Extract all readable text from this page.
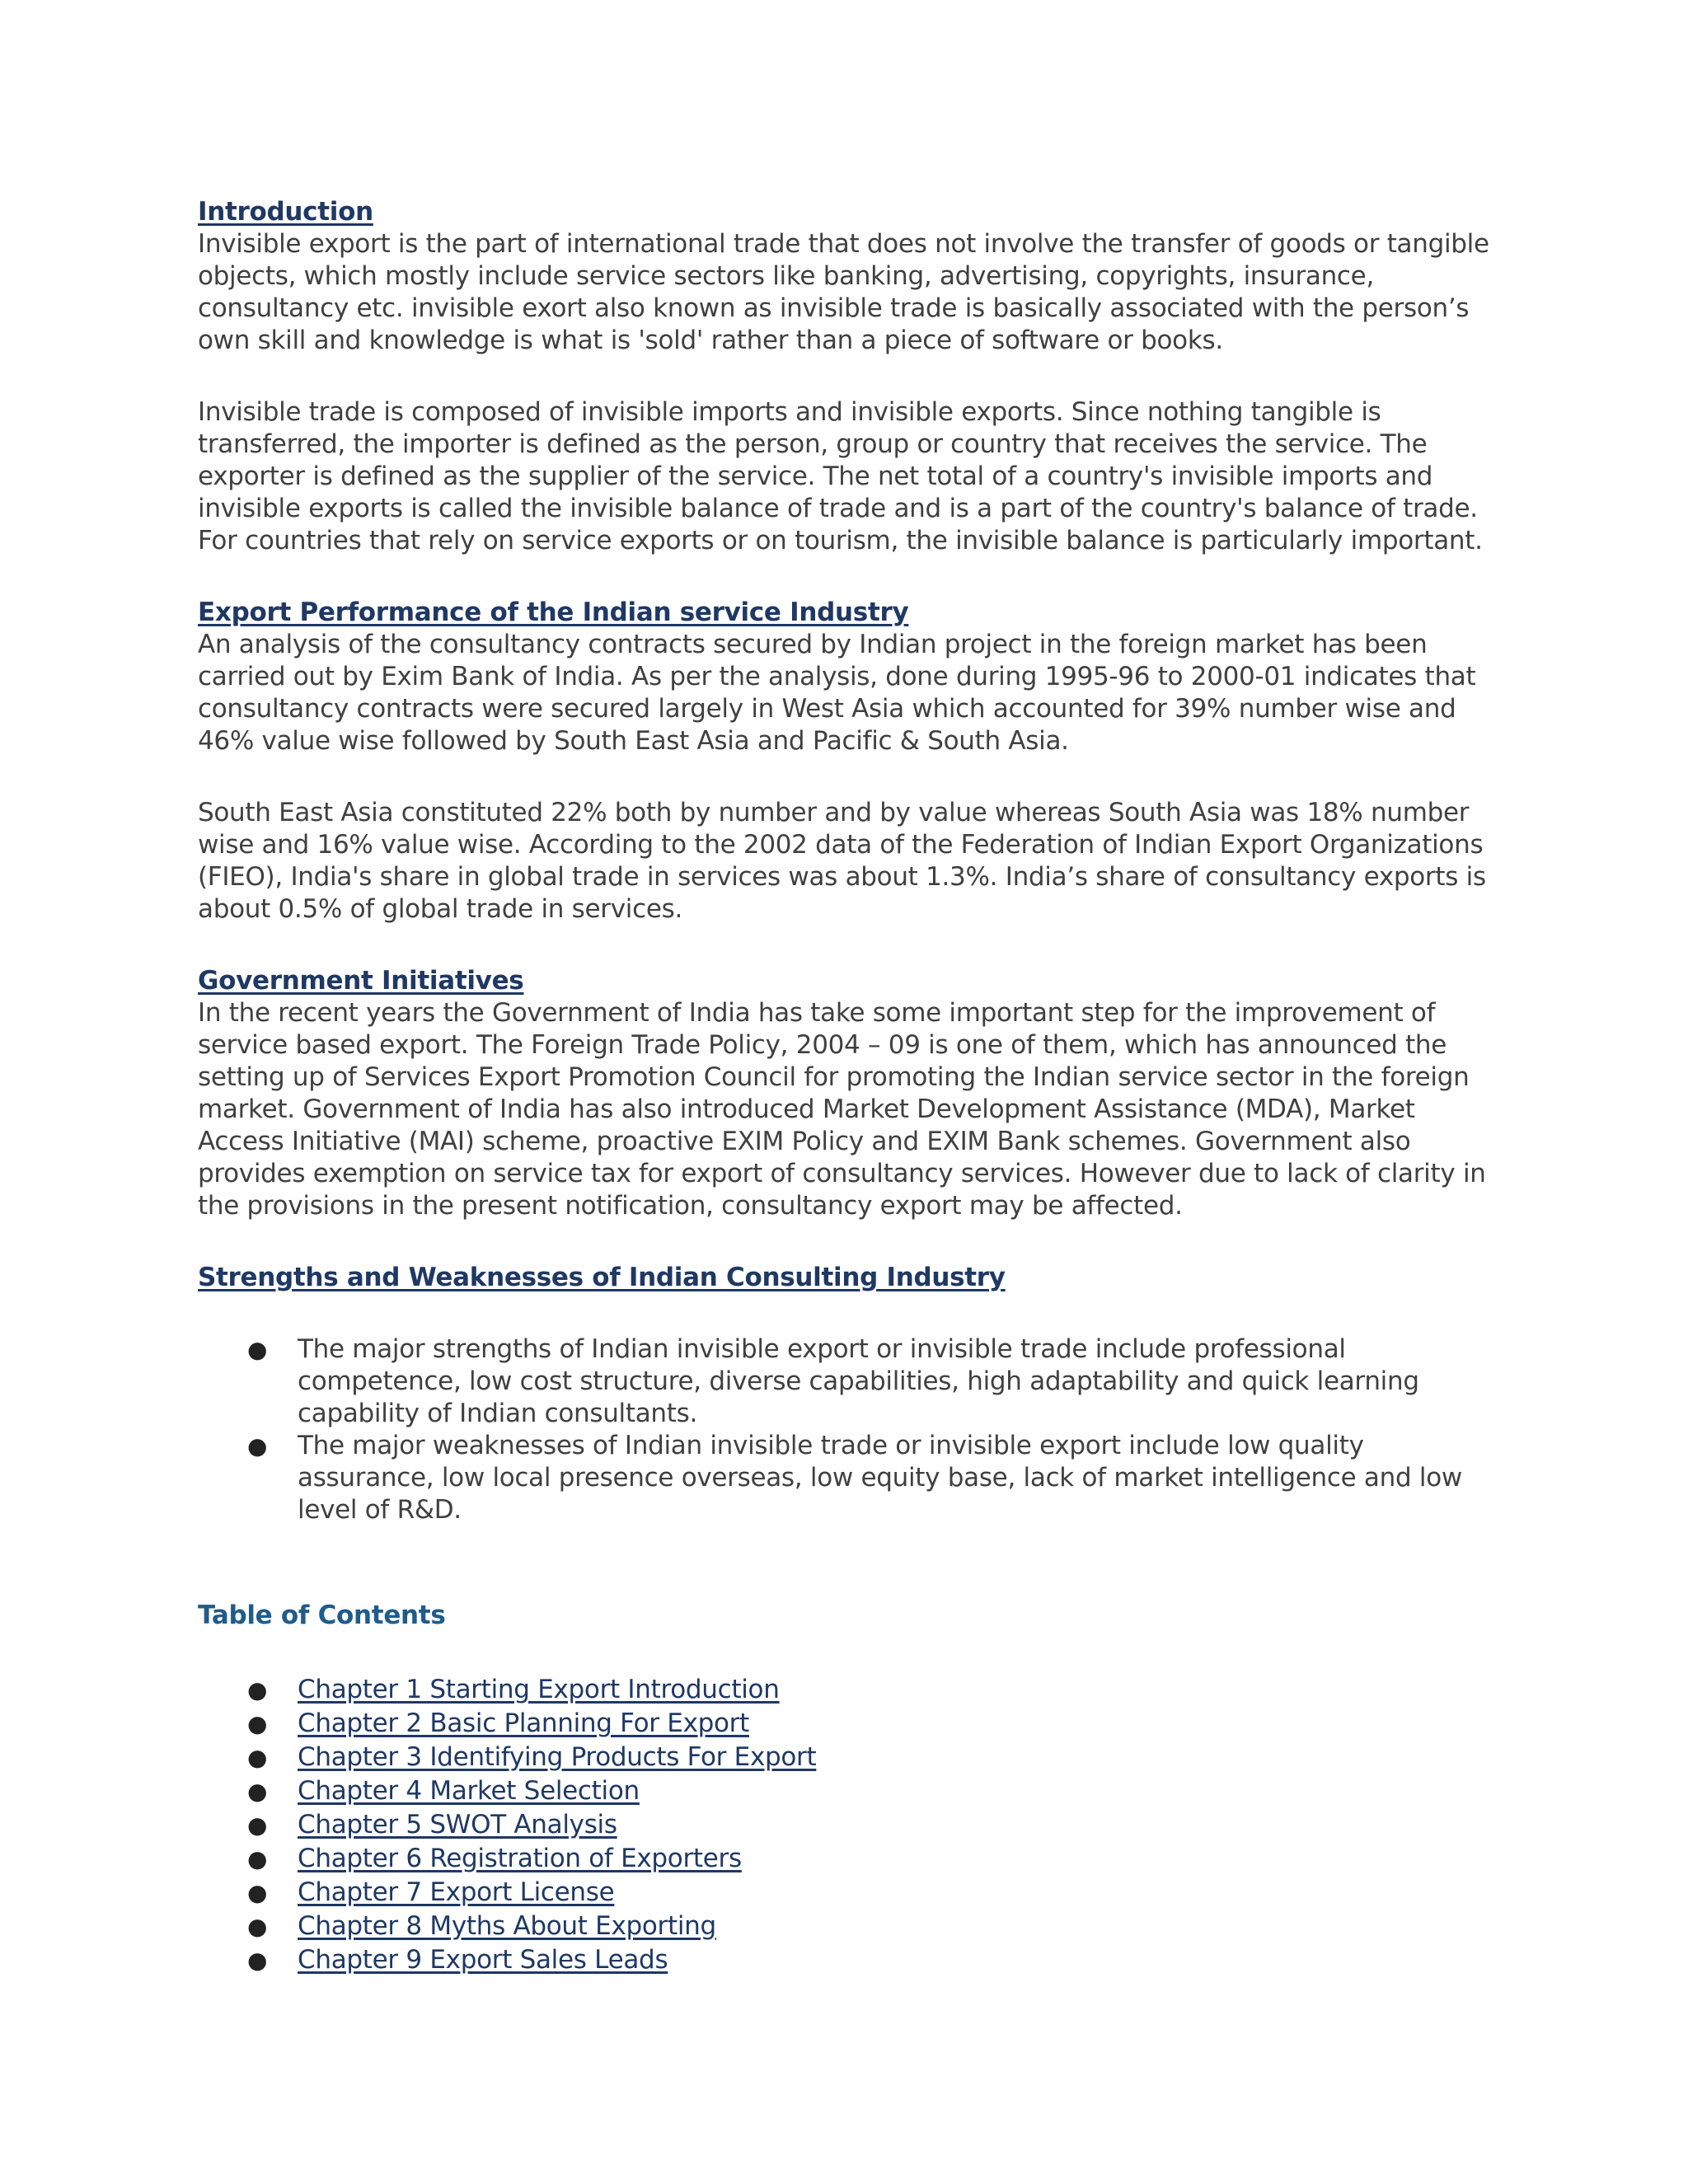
Introduction

Invisible export is the part of international trade that does not involve the transfer of goods or tangible objects, which mostly include service sectors like banking, advertising, copyrights, insurance, consultancy etc. invisible exort also known as invisible trade is basically associated with the person’s own skill and knowledge is what is 'sold' rather than a piece of software or books.

Invisible trade is composed of invisible imports and invisible exports. Since nothing tangible is transferred, the importer is defined as the person, group or country that receives the service. The exporter is defined as the supplier of the service. The net total of a country's invisible imports and invisible exports is called the invisible balance of trade and is a part of the country's balance of trade. For countries that rely on service exports or on tourism, the invisible balance is particularly important.

Export Performance of the Indian service Industry

An analysis of the consultancy contracts secured by Indian project in the foreign market has been carried out by Exim Bank of India. As per the analysis, done during 1995-96 to 2000-01 indicates that consultancy contracts were secured largely in West Asia which accounted for 39% number wise and 46% value wise followed by South East Asia and Pacific & South Asia.

South East Asia constituted 22% both by number and by value whereas South Asia was 18% number wise and 16% value wise. According to the 2002 data of the Federation of Indian Export Organizations (FIEO), India's share in global trade in services was about 1.3%. India’s share of consultancy exports is about 0.5% of global trade in services.

Government Initiatives

In the recent years the Government of India has take some important step for the improvement of service based export. The Foreign Trade Policy, 2004 – 09 is one of them, which has announced the setting up of Services Export Promotion Council for promoting the Indian service sector in the foreign market. Government of India has also introduced Market Development Assistance (MDA), Market Access Initiative (MAI) scheme, proactive EXIM Policy and EXIM Bank schemes. Government also provides exemption on service tax for export of consultancy services. However due to lack of clarity in the provisions in the present notification, consultancy export may be affected.

Strengths and Weaknesses of Indian Consulting Industry
● The major strengths of Indian invisible export or invisible trade include professional competence, low cost structure, diverse capabilities, high adaptability and quick learning capability of Indian consultants.
● The major weaknesses of Indian invisible trade or invisible export include low quality assurance, low local presence overseas, low equity base, lack of market intelligence and low level of R&D.

Table of Contents

● Chapter 1 Starting Export Introduction
● Chapter 2 Basic Planning For Export
● Chapter 3 Identifying Products For Export
● Chapter 4 Market Selection
● Chapter 5 SWOT Analysis
● Chapter 6 Registration of Exporters
● Chapter 7 Export License
● Chapter 8 Myths About Exporting
● Chapter 9 Export Sales Leads
